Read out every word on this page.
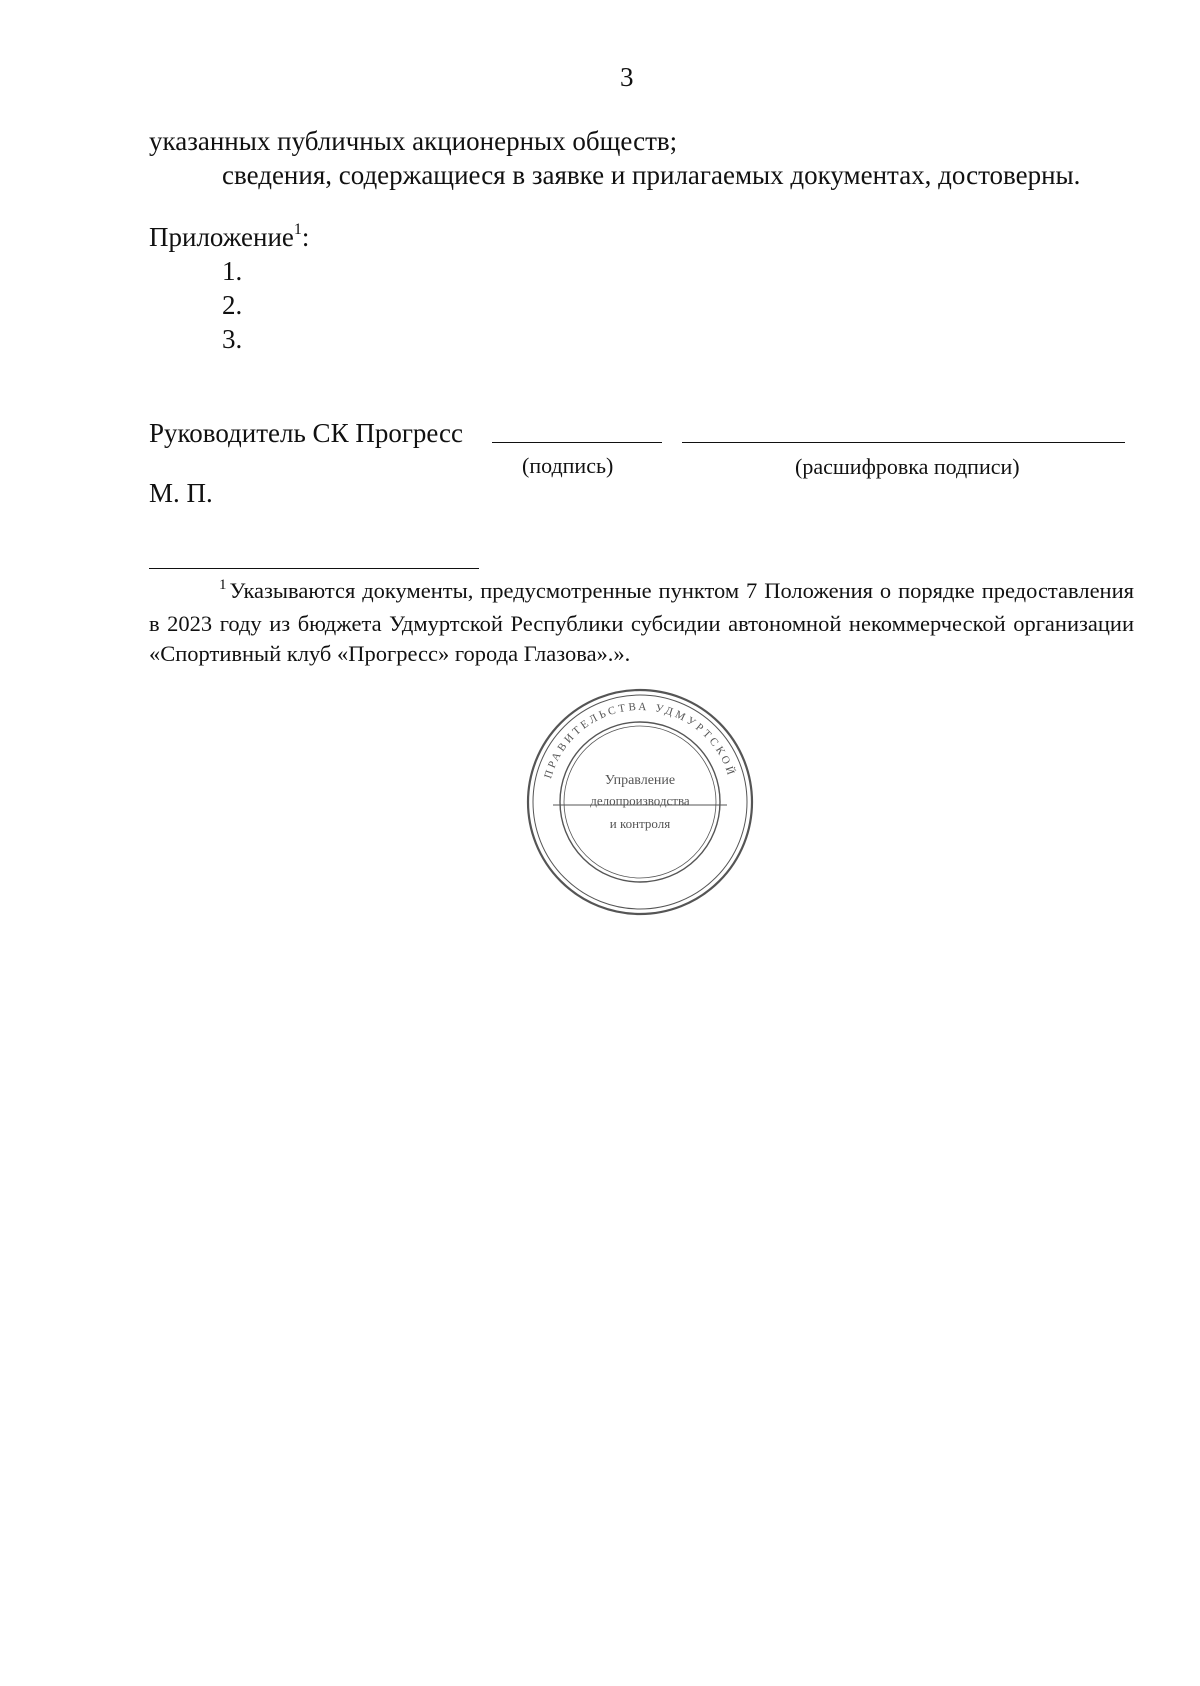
3
указанных публичных акционерных обществ;
сведения, содержащиеся в заявке и прилагаемых документах, достоверны.
Приложение$^1$:
1.
2.
3.
Руководитель СК Прогресс
(подпись)	(расшифровка подписи)
М. П.
$^1$ Указываются документы, предусмотренные пунктом 7 Положения о порядке предоставления в 2023 году из бюджета Удмуртской Республики субсидии автономной некоммерческой организации «Спортивный клуб «Прогресс» города Глазова».».
ПРАВИТЕЛЬСТВА УДМУРТСКОЙ
Управление
делопроизводства
и контроля
